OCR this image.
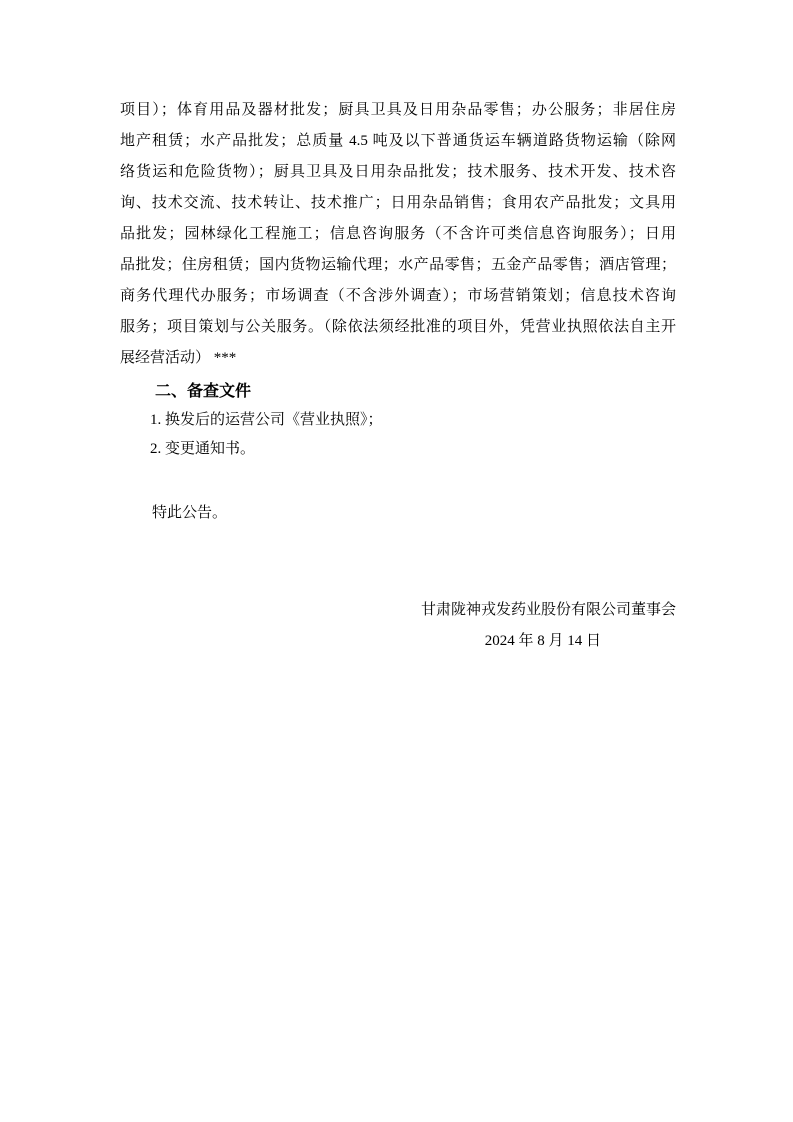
项目）；体育用品及器材批发；厨具卫具及日用杂品零售；办公服务；非居住房
地产租赁；水产品批发；总质量 4.5 吨及以下普通货运车辆道路货物运输（除网
络货运和危险货物）；厨具卫具及日用杂品批发；技术服务、技术开发、技术咨
询、技术交流、技术转让、技术推广；日用杂品销售；食用农产品批发；文具用
品批发；园林绿化工程施工；信息咨询服务（不含许可类信息咨询服务）；日用
品批发；住房租赁；国内货物运输代理；水产品零售；五金产品零售；酒店管理；
商务代理代办服务；市场调查（不含涉外调查）；市场营销策划；信息技术咨询
服务；项目策划与公关服务。（除依法须经批准的项目外，凭营业执照依法自主开
展经营活动） ***
二、备查文件
1. 换发后的运营公司《营业执照》；
2. 变更通知书。
特此公告。
甘肃陇神戎发药业股份有限公司董事会
2024 年 8 月 14 日
